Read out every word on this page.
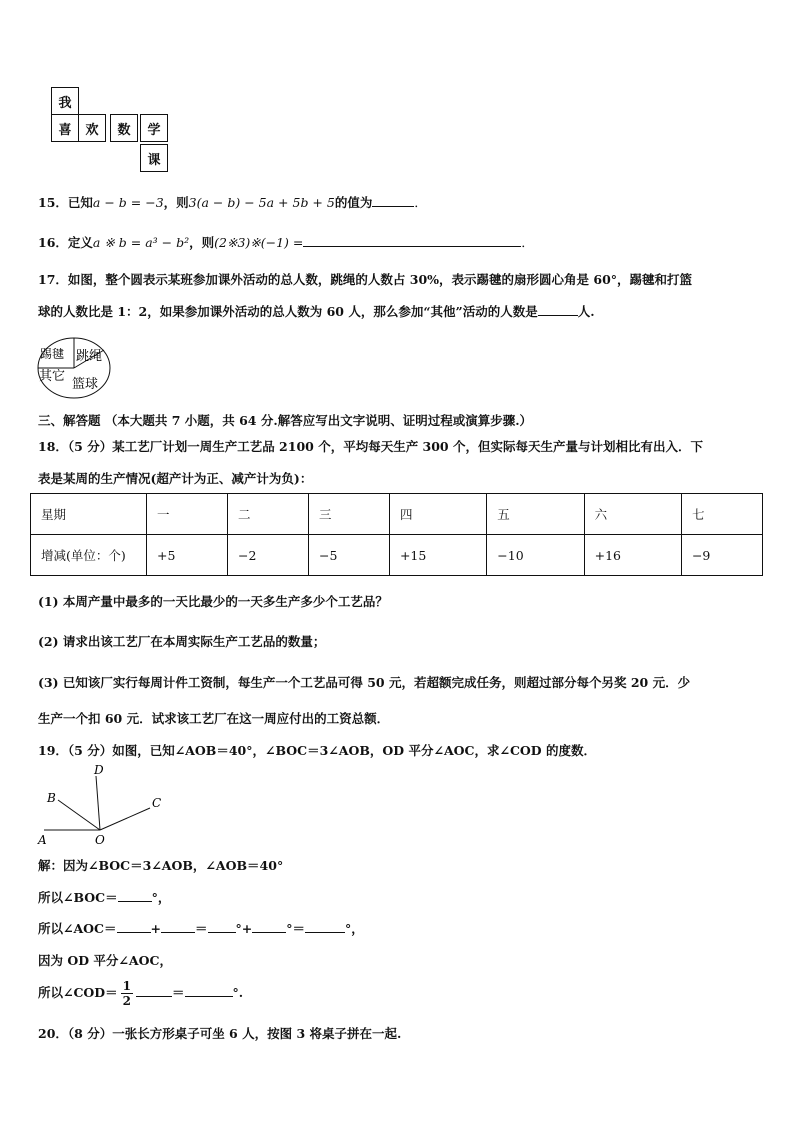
我
喜	欢	数	学
课
15．已知a − b = −3，则3(a − b) − 5a + 5b + 5的值为	．
16．定义a ※ b = a³ − b²，则(2※3)※(−1) =	．
17．如图，整个圆表示某班参加课外活动的总人数，跳绳的人数占 30%，表示踢毽的扇形圆心角是 60°，踢毽和打篮
球的人数比是 1：2，如果参加课外活动的总人数为 60 人，那么参加“其他”活动的人数是	人.
踢毽 跳绳
其它
篮球
三、解答题 （本大题共 7 小题，共 64 分.解答应写出文字说明、证明过程或演算步骤.）
18．（5 分）某工艺厂计划一周生产工艺品 2100 个，平均每天生产 300 个，但实际每天生产量与计划相比有出入．下
表是某周的生产情况(超产计为正、减产计为负)：
星期	一	二	三	四	五	六	七
增减(单位：个)	+5	−2	−5	+15	−10	+16	−9
(1) 本周产量中最多的一天比最少的一天多生产多少个工艺品？
(2) 请求出该工艺厂在本周实际生产工艺品的数量；
(3) 已知该厂实行每周计件工资制，每生产一个工艺品可得 50 元，若超额完成任务，则超过部分每个另奖 20 元．少
生产一个扣 60 元．试求该工艺厂在这一周应付出的工资总额．
19．（5 分）如图，已知∠AOB＝40°，∠BOC＝3∠AOB，OD 平分∠AOC，求∠COD 的度数．
D
B	C
A	O
解：因为∠BOC＝3∠AOB，∠AOB＝40°
所以∠BOC＝	°，
所以∠AOC＝	+	＝ °+	°＝	°，
因为 OD 平分∠AOC，
所以∠COD＝ $\frac{1}{2}$	＝	°.
20．（8 分）一张长方形桌子可坐 6 人，按图 3 将桌子拼在一起.
